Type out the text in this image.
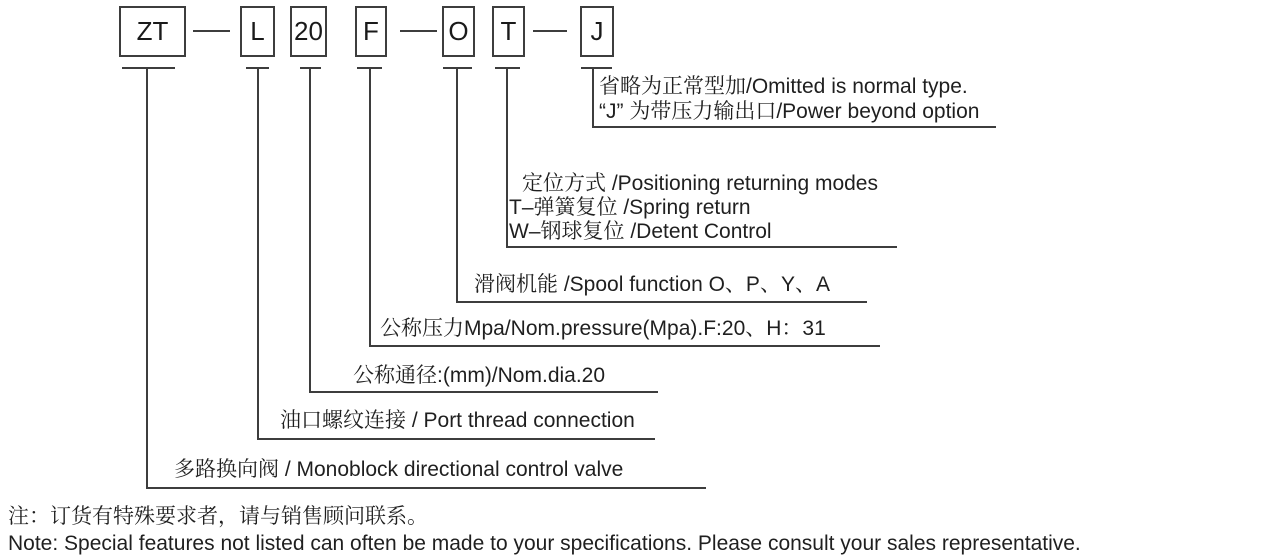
ZT	L	20	F	O	T	J
省略为正常型加/Omitted is normal type.
“J” 为带压力输出口/Power beyond option
定位方式 /Positioning returning modes
T–弹簧复位 /Spring return
W–钢球复位 /Detent Control
滑阀机能 /Spool function O、P、Y、A
公称压力Mpa/Nom.pressure(Mpa).F:20、H：31
公称通径:(mm)/Nom.dia.20
油口螺纹连接 / Port thread connection
多路换向阀 / Monoblock directional control valve
注：订货有特殊要求者，请与销售顾问联系。
Note: Special features not listed can often be made to your specifications. Please consult your sales representative.
